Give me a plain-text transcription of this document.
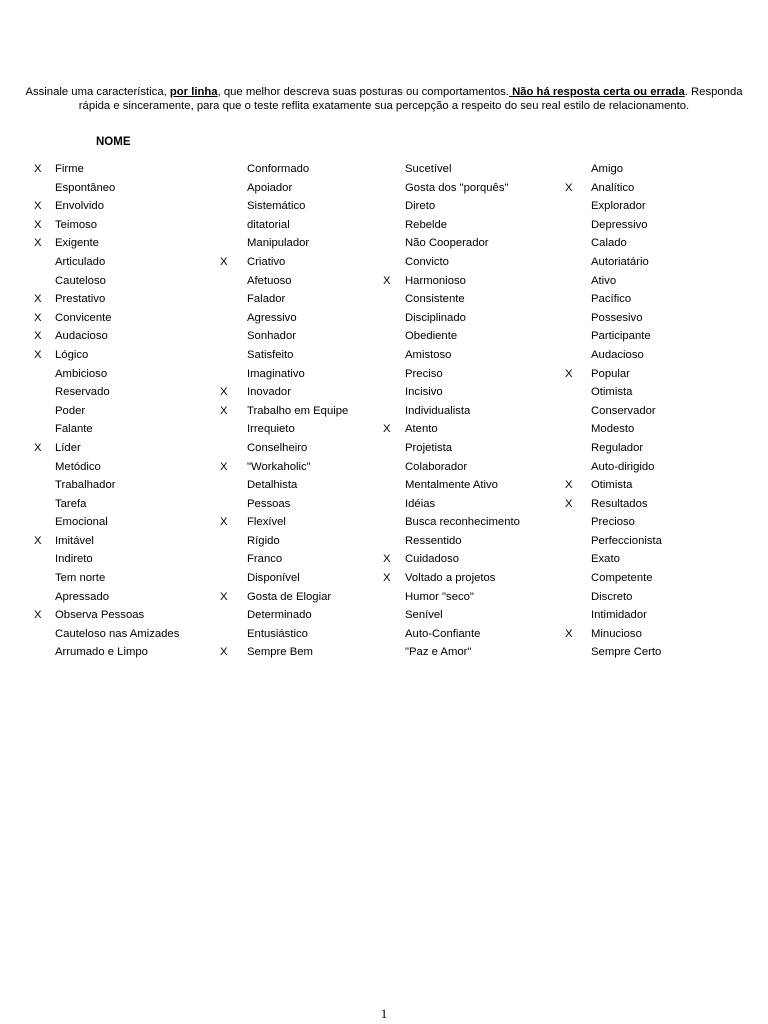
Assinale uma característica, por linha, que melhor descreva suas posturas ou comportamentos. Não há resposta certa ou errada. Responda rápida e sinceramente, para que o teste reflita exatamente sua percepção a respeito do seu real estilo de relacionamento.
NOME
X Firme	Conformado	Sucetível	Amigo
Espontâneo	Apoiador	Gosta dos "porquês"	X Analítico
X Envolvido	Sistemático	Direto	Explorador
X Teimoso	ditatorial	Rebelde	Depressivo
X Exigente	Manipulador	Não Cooperador	Calado
Articulado	X Criativo	Convicto	Autoriatário
Cauteloso	Afetuoso	X Harmonioso	Ativo
X Prestativo	Falador	Consistente	Pacífico
X Convicente	Agressivo	Disciplinado	Possesivo
X Audacioso	Sonhador	Obediente	Participante
X Lógico	Satisfeito	Amistoso	Audacioso
Ambicioso	Imaginativo	Preciso	X Popular
Reservado	X Inovador	Incisivo	Otimista
Poder	X Trabalho em Equipe	Individualista	Conservador
Falante	Irrequieto	X Atento	Modesto
X Líder	Conselheiro	Projetista	Regulador
Metódico	X "Workaholic"	Colaborador	Auto-dirigido
Trabalhador	Detalhista	Mentalmente Ativo	X Otimista
Tarefa	Pessoas	Idéias	X Resultados
Emocional	X Flexível	Busca reconhecimento	Precioso
X Imitável	Rígido	Ressentido	Perfeccionista
Indireto	Franco	X Cuidadoso	Exato
Tem norte	Disponível	X Voltado a projetos	Competente
Apressado	X Gosta de Elogiar	Humor "seco"	Discreto
X Observa Pessoas	Determinado	Senível	Intimidador
Cauteloso nas Amizades	Entusiástico	Auto-Confiante	X Minucioso
Arrumado e Limpo	X Sempre Bem	"Paz e Amor"	Sempre Certo
1
